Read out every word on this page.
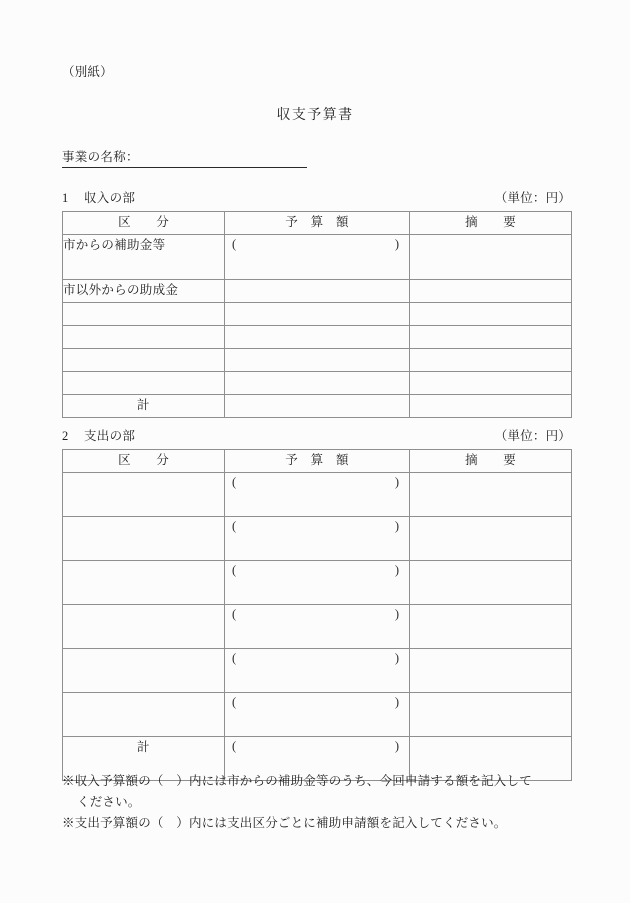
（別紙）
収支予算書
事業の名称：
1 収入の部	（単位：円）
区　　分	予　算　額	摘　　要
市からの補助金等	( )	

市以外からの助成金		

計		
2 支出の部	（単位：円）
区　　分	予　算　額	摘　　要

	( )	

	( )	

	( )	

	( )	

	( )	

	( )	

計	( )	

※収入予算額の（　）内には市からの補助金等のうち、今回申請する額を記入して
ください。
※支出予算額の（　）内には支出区分ごとに補助申請額を記入してください。
